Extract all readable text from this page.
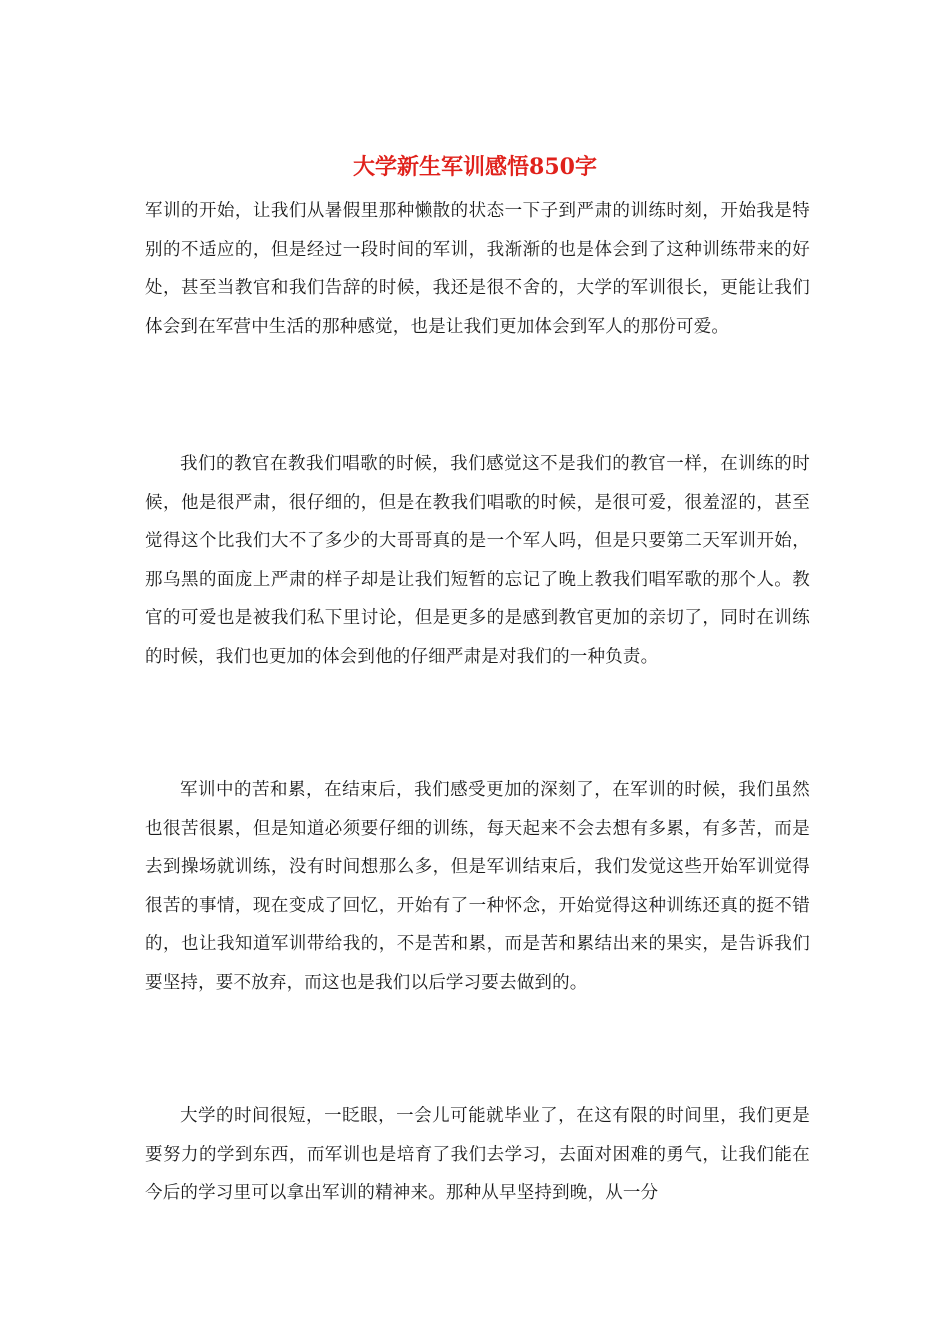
大学新生军训感悟850字

军训的开始，让我们从暑假里那种懒散的状态一下子到严肃的训练时刻，开始我是特别的不适应的，但是经过一段时间的军训，我渐渐的也是体会到了这种训练带来的好处，甚至当教官和我们告辞的时候，我还是很不舍的，大学的军训很长，更能让我们体会到在军营中生活的那种感觉，也是让我们更加体会到军人的那份可爱。

我们的教官在教我们唱歌的时候，我们感觉这不是我们的教官一样，在训练的时候，他是很严肃，很仔细的，但是在教我们唱歌的时候，是很可爱，很羞涩的，甚至觉得这个比我们大不了多少的大哥哥真的是一个军人吗，但是只要第二天军训开始，那乌黑的面庞上严肃的样子却是让我们短暂的忘记了晚上教我们唱军歌的那个人。教官的可爱也是被我们私下里讨论，但是更多的是感到教官更加的亲切了，同时在训练的时候，我们也更加的体会到他的仔细严肃是对我们的一种负责。

军训中的苦和累，在结束后，我们感受更加的深刻了，在军训的时候，我们虽然也很苦很累，但是知道必须要仔细的训练，每天起来不会去想有多累，有多苦，而是去到操场就训练，没有时间想那么多，但是军训结束后，我们发觉这些开始军训觉得很苦的事情，现在变成了回忆，开始有了一种怀念，开始觉得这种训练还真的挺不错的，也让我知道军训带给我的，不是苦和累，而是苦和累结出来的果实，是告诉我们要坚持，要不放弃，而这也是我们以后学习要去做到的。

大学的时间很短，一眨眼，一会儿可能就毕业了，在这有限的时间里，我们更是要努力的学到东西，而军训也是培育了我们去学习，去面对困难的勇气，让我们能在今后的学习里可以拿出军训的精神来。那种从早坚持到晚，从一分
